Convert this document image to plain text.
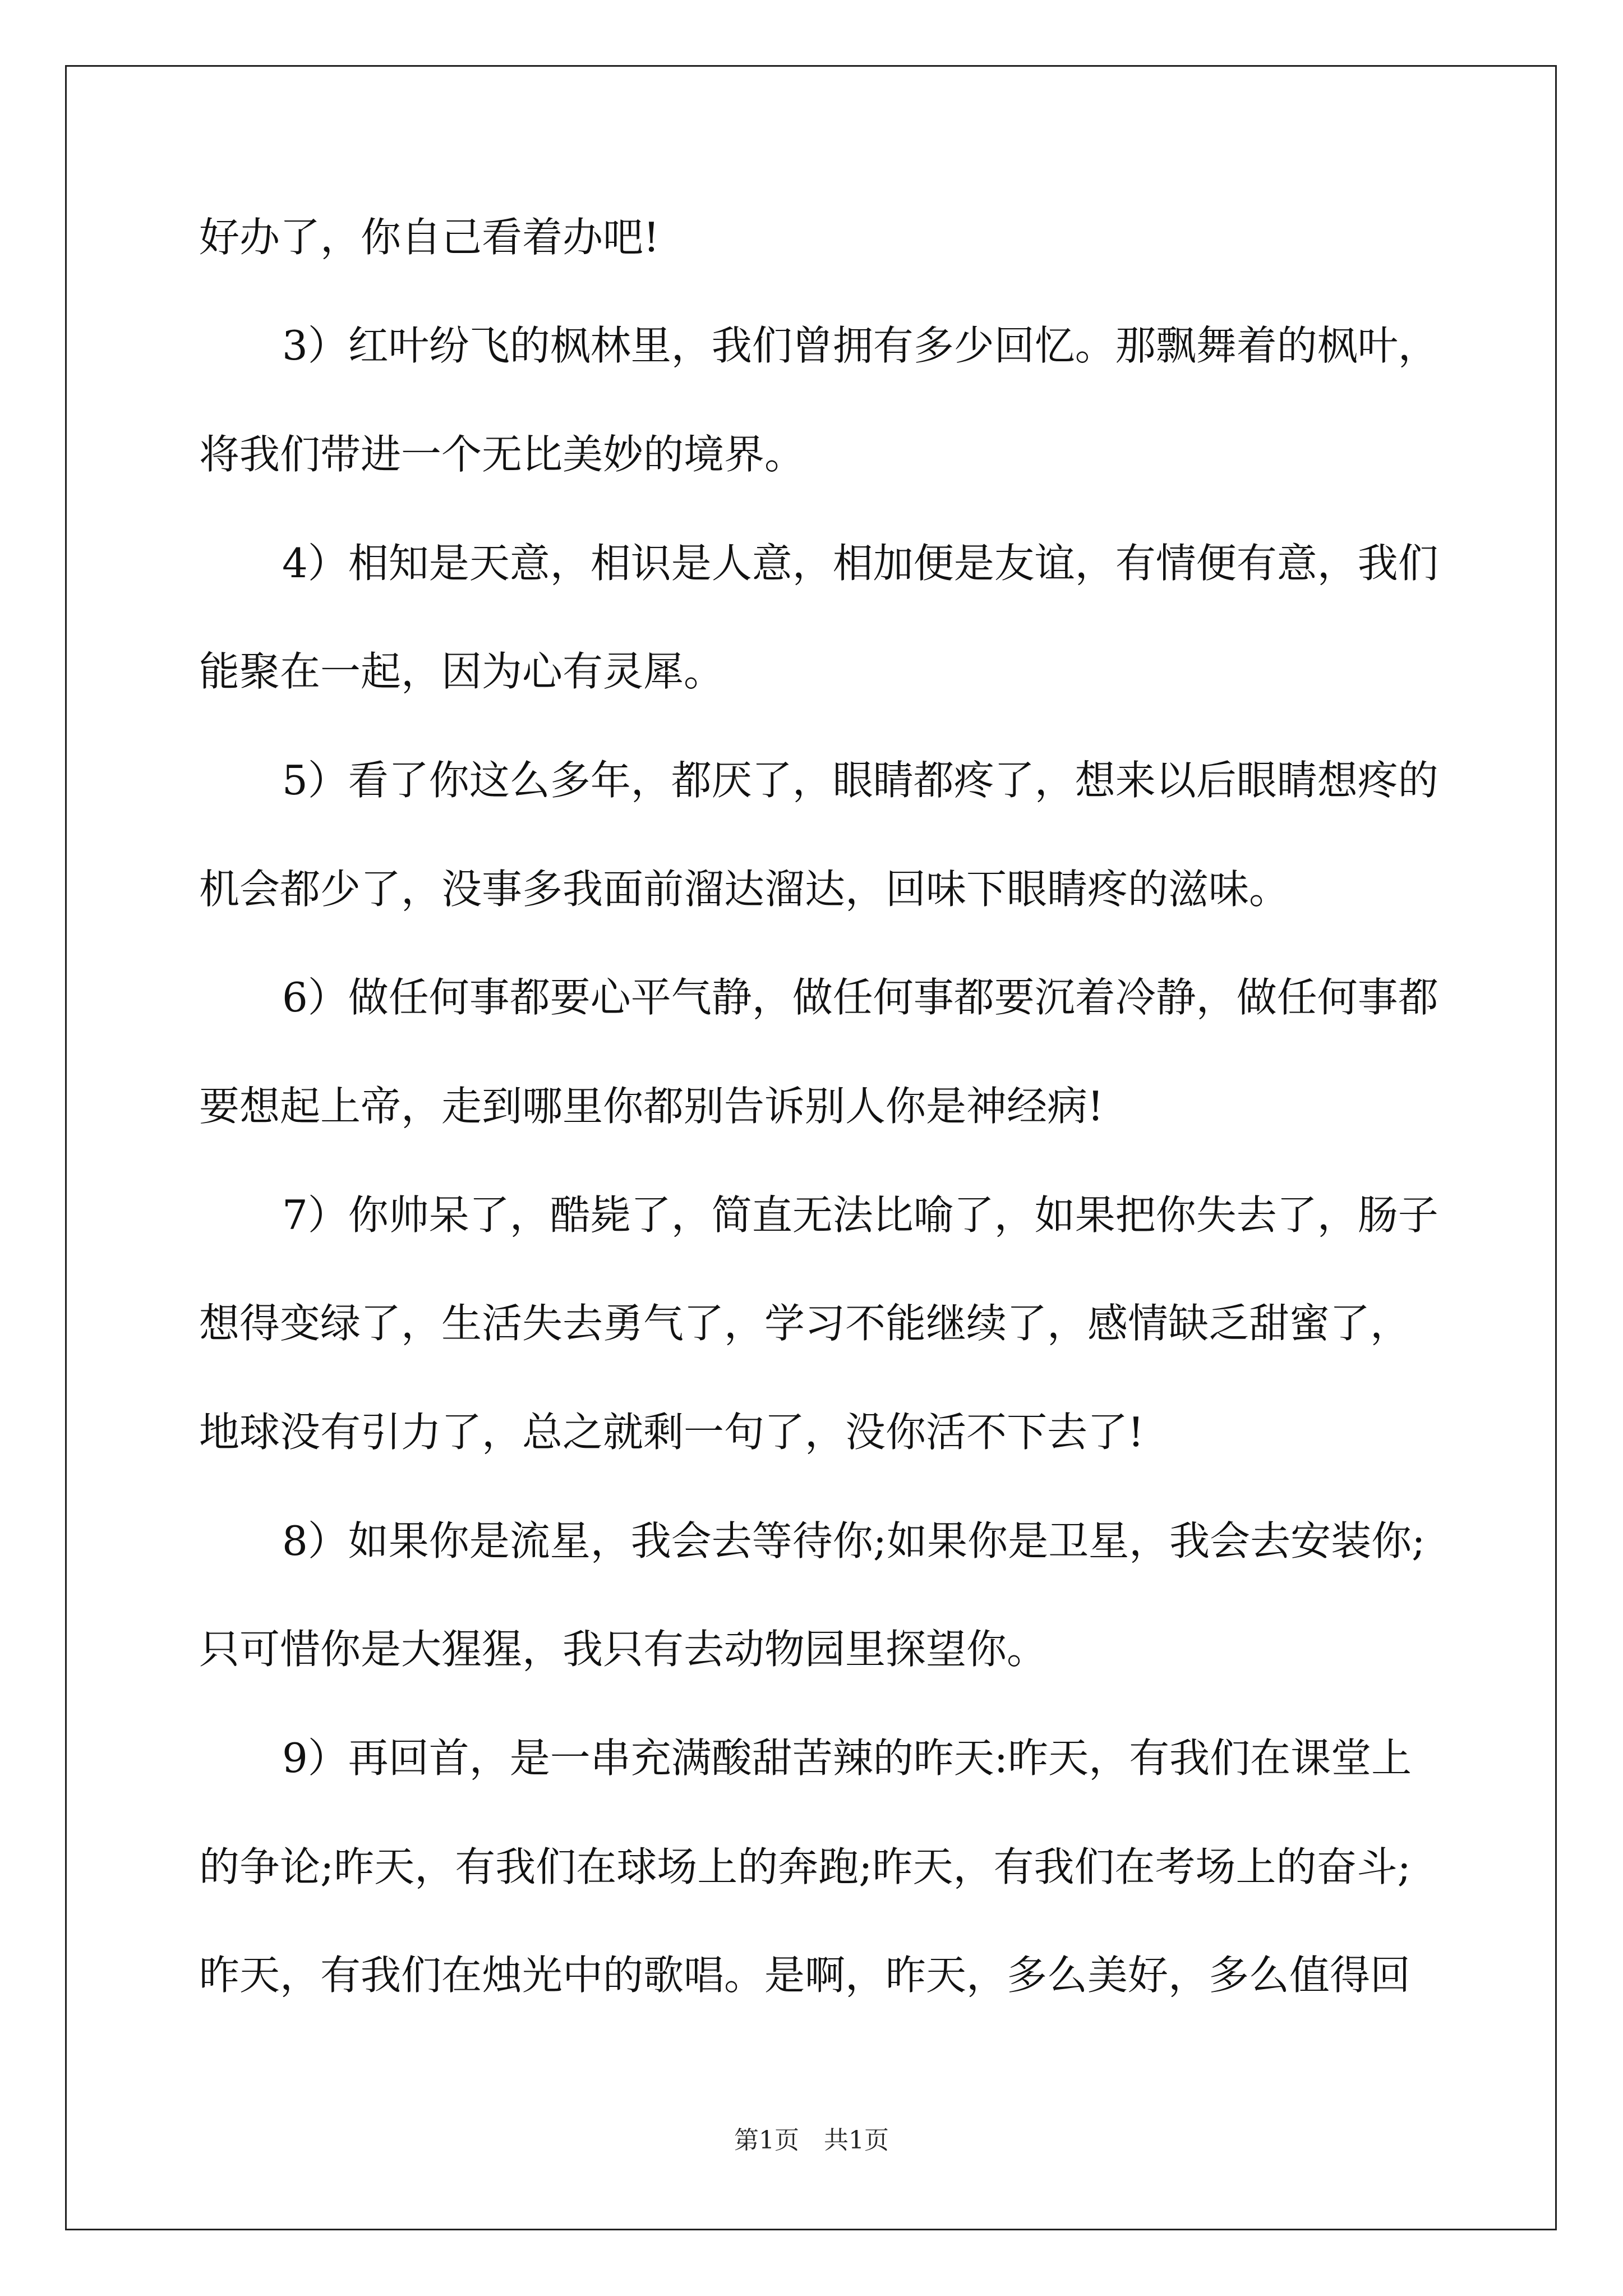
好办了，你自己看着办吧!
3）红叶纷飞的枫林里，我们曾拥有多少回忆。那飘舞着的枫叶，
将我们带进一个无比美妙的境界。
4）相知是天意，相识是人意，相加便是友谊，有情便有意，我们
能聚在一起，因为心有灵犀。
5）看了你这么多年，都厌了，眼睛都疼了，想来以后眼睛想疼的
机会都少了，没事多我面前溜达溜达，回味下眼睛疼的滋味。
6）做任何事都要心平气静，做任何事都要沉着冷静，做任何事都
要想起上帝，走到哪里你都别告诉别人你是神经病!
7）你帅呆了，酷毙了，简直无法比喻了，如果把你失去了，肠子
想得变绿了，生活失去勇气了，学习不能继续了，感情缺乏甜蜜了，
地球没有引力了，总之就剩一句了，没你活不下去了!
8）如果你是流星，我会去等待你;如果你是卫星，我会去安装你;
只可惜你是大猩猩，我只有去动物园里探望你。
9）再回首，是一串充满酸甜苦辣的昨天:昨天，有我们在课堂上
的争论;昨天，有我们在球场上的奔跑;昨天，有我们在考场上的奋斗;
昨天，有我们在烛光中的歌唱。是啊，昨天，多么美好，多么值得回
第1页　共1页
